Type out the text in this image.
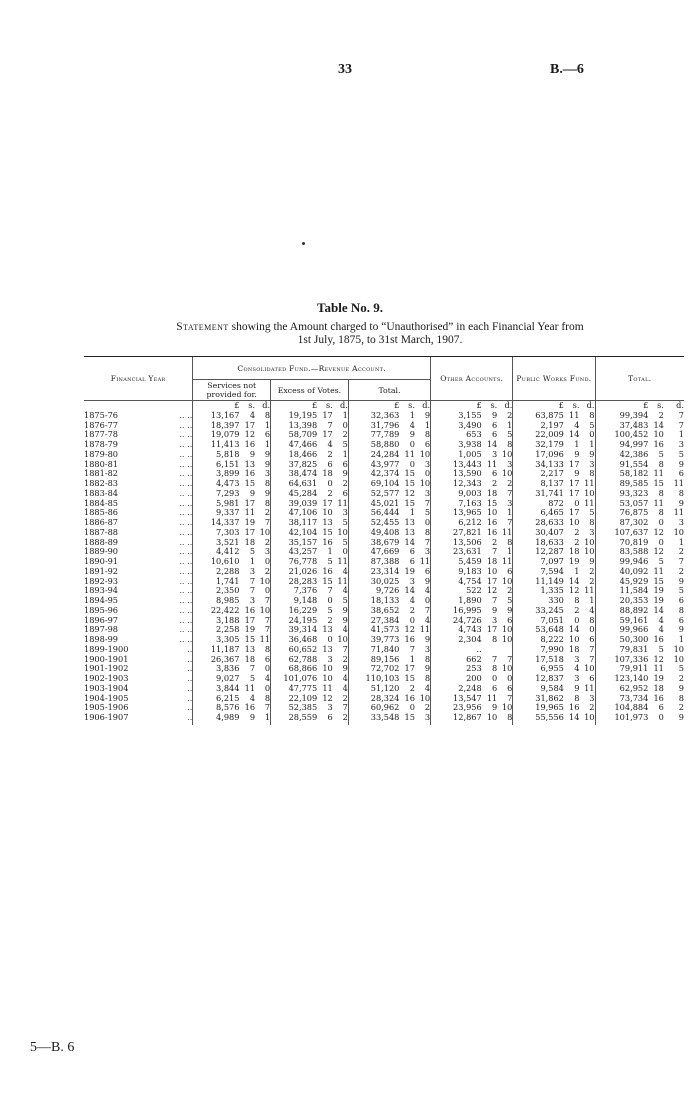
33	B.—6
Table No. 9.
Statement showing the Amount charged to “Unauthorised” in each Financial Year from
1st July, 1875, to 31st March, 1907.
Financial Year		Consolidated Fund.—Revenue Account.									Other Accounts.			Public Works Fund.			Total.		
		Services not provided for.			Excess of Votes.			Total.											
		£	s.	d.	£	s.	d.	£	s.	d.	£	s.	d.	£	s.	d.	£	s.	d.
1875-76	.. ..	13,167	4	8	19,195	17	1	32,363	1	9	3,155	9	2	63,875	11	8	99,394	2	7
1876-77	.. ..	18,397	17	1	13,398	7	0	31,796	4	1	3,490	6	1	2,197	4	5	37,483	14	7
1877-78	.. ..	19,079	12	6	58,709	17	2	77,789	9	8	653	6	5	22,009	14	0	100,452	10	1
1878-79	.. ..	11,413	16	1	47,466	4	5	58,880	0	6	3,938	14	8	32,179	1	1	94,997	16	3
1879-80	.. ..	5,818	9	9	18,466	2	1	24,284	11	10	1,005	3	10	17,096	9	9	42,386	5	5
1880-81	.. ..	6,151	13	9	37,825	6	6	43,977	0	3	13,443	11	3	34,133	17	3	91,554	8	9
1881-82	.. ..	3,899	16	3	38,474	18	9	42,374	15	0	13,590	6	10	2,217	9	8	58,182	11	6
1882-83	.. ..	4,473	15	8	64,631	0	2	69,104	15	10	12,343	2	2	8,137	17	11	89,585	15	11
1883-84	.. ..	7,293	9	9	45,284	2	6	52,577	12	3	9,003	18	7	31,741	17	10	93,323	8	8
1884-85	.. ..	5,981	17	8	39,039	17	11	45,021	15	7	7,163	15	3	872	0	11	53,057	11	9
1885-86	.. ..	9,337	11	2	47,106	10	3	56,444	1	5	13,965	10	1	6,465	17	5	76,875	8	11
1886-87	.. ..	14,337	19	7	38,117	13	5	52,455	13	0	6,212	16	7	28,633	10	8	87,302	0	3
1887-88	.. ..	7,303	17	10	42,104	15	10	49,408	13	8	27,821	16	11	30,407	2	3	107,637	12	10
1888-89	.. ..	3,521	18	2	35,157	16	5	38,679	14	7	13,506	2	8	18,633	2	10	70,819	0	1
1889-90	.. ..	4,412	5	3	43,257	1	0	47,669	6	3	23,631	7	1	12,287	18	10	83,588	12	2
1890-91	.. ..	10,610	1	0	76,778	5	11	87,388	6	11	5,459	18	11	7,097	19	9	99,946	5	7
1891-92	.. ..	2,288	3	2	21,026	16	4	23,314	19	6	9,183	10	6	7,594	1	2	40,092	11	2
1892-93	.. ..	1,741	7	10	28,283	15	11	30,025	3	9	4,754	17	10	11,149	14	2	45,929	15	9
1893-94	.. ..	2,350	7	0	7,376	7	4	9,726	14	4	522	12	2	1,335	12	11	11,584	19	5
1894-95	.. ..	8,985	3	7	9,148	0	5	18,133	4	0	1,890	7	5	330	8	1	20,353	19	6
1895-96	.. ..	22,422	16	10	16,229	5	9	38,652	2	7	16,995	9	9	33,245	2	4	88,892	14	8
1896-97	.. ..	3,188	17	7	24,195	2	9	27,384	0	4	24,726	3	6	7,051	0	8	59,161	4	6
1897-98	.. ..	2,258	19	7	39,314	13	4	41,573	12	11	4,743	17	10	53,648	14	0	99,966	4	9
1898-99	.. ..	3,305	15	11	36,468	0	10	39,773	16	9	2,304	8	10	8,222	10	6	50,300	16	1
1899-1900	..	11,187	13	8	60,652	13	7	71,840	7	3	..			7,990	18	7	79,831	5	10
1900-1901	..	26,367	18	6	62,788	3	2	89,156	1	8	662	7	7	17,518	3	7	107,336	12	10
1901-1902	..	3,836	7	0	68,866	10	9	72,702	17	9	253	8	10	6,955	4	10	79,911	11	5
1902-1903	..	9,027	5	4	101,076	10	4	110,103	15	8	200	0	0	12,837	3	6	123,140	19	2
1903-1904	..	3,844	11	0	47,775	11	4	51,120	2	4	2,248	6	6	9,584	9	11	62,952	18	9
1904-1905	..	6,215	4	8	22,109	12	2	28,324	16	10	13,547	11	7	31,862	8	3	73,734	16	8
1905-1906	..	8,576	16	7	52,385	3	7	60,962	0	2	23,956	9	10	19,965	16	2	104,884	6	2
1906-1907	..	4,989	9	1	28,559	6	2	33,548	15	3	12,867	10	8	55,556	14	10	101,973	0	9
5—B. 6
